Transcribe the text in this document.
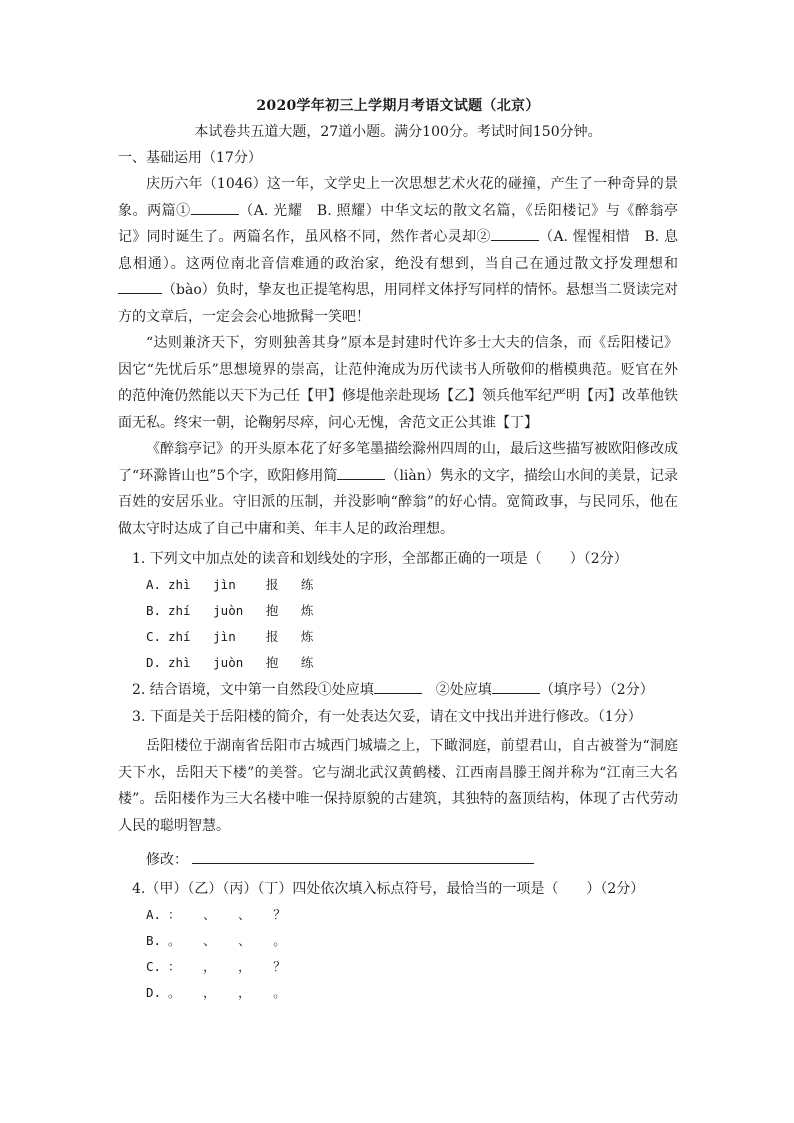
2020学年初三上学期月考语文试题（北京）
本试卷共五道大题，27道小题。满分100分。考试时间150分钟。
一、基础运用（17分）

庆历六年（1046）这一年，文学史上一次思想艺术火花的碰撞，产生了一种奇异的景象。两篇①	（A. 光耀　B. 照耀）中华文坛的散文名篇，《岳阳楼记》与《醉翁亭记》同时诞生了。两篇名作，虽风格不同，然作者心灵却②	（A. 惺惺相惜　B. 息息相通）。这两位南北音信难通的政治家，绝没有想到，当自己在通过散文抒发理想和（bào）负时，挚友也正提笔构思，用同样文体抒写同样的情怀。悬想当二贤读完对方的文章后，一定会会心地掀髯一笑吧！

“达则兼济天下，穷则独善其身”原本是封建时代许多士大夫的信条，而《岳阳楼记》因它“先忧后乐”思想境界的崇高，让范仲淹成为历代读书人所敬仰的楷模典范。贬官在外的范仲淹仍然能以天下为己任【甲】修堤他亲赴现场【乙】领兵他军纪严明【丙】改革他铁面无私。终宋一朝，论鞠躬尽瘁，问心无愧，舍范文正公其谁【丁】

《醉翁亭记》的开头原本花了好多笔墨描绘滁州四周的山，最后这些描写被欧阳修改成了“环滁皆山也”5个字，欧阳修用简	（liàn）隽永的文字，描绘山水间的美景，记录百姓的安居乐业。守旧派的压制，并没影响“醉翁”的好心情。宽简政事，与民同乐，他在做太守时达成了自己中庸和美、年丰人足的政治理想。

1. 下列文中加点处的读音和划线处的字形，全部都正确的一项是（　　）（2分）
A. zhì   jìn    报   练
B. zhí   juòn   抱   炼
C. zhí   jìn    报   炼
D. zhì   juòn   抱   练
2. 结合语境，文中第一自然段①处应填	　②处应填	（填序号）（2分）
3. 下面是关于岳阳楼的简介，有一处表达欠妥，请在文中找出并进行修改。（1分）

岳阳楼位于湖南省岳阳市古城西门城墙之上，下瞰洞庭，前望君山，自古被誉为“洞庭天下水，岳阳天下楼”的美誉。它与湖北武汉黄鹤楼、江西南昌滕王阁并称为“江南三大名楼”。岳阳楼作为三大名楼中唯一保持原貌的古建筑，其独特的盔顶结构，体现了古代劳动人民的聪明智慧。

修改：
4.（甲）（乙）（丙）（丁）四处依次填入标点符号，最恰当的一项是（　　）（2分）
A. ：   、   、   ？
B. 。   、   、   。
C. ：   ，   ，   ？
D. 。   ，   ，   。
